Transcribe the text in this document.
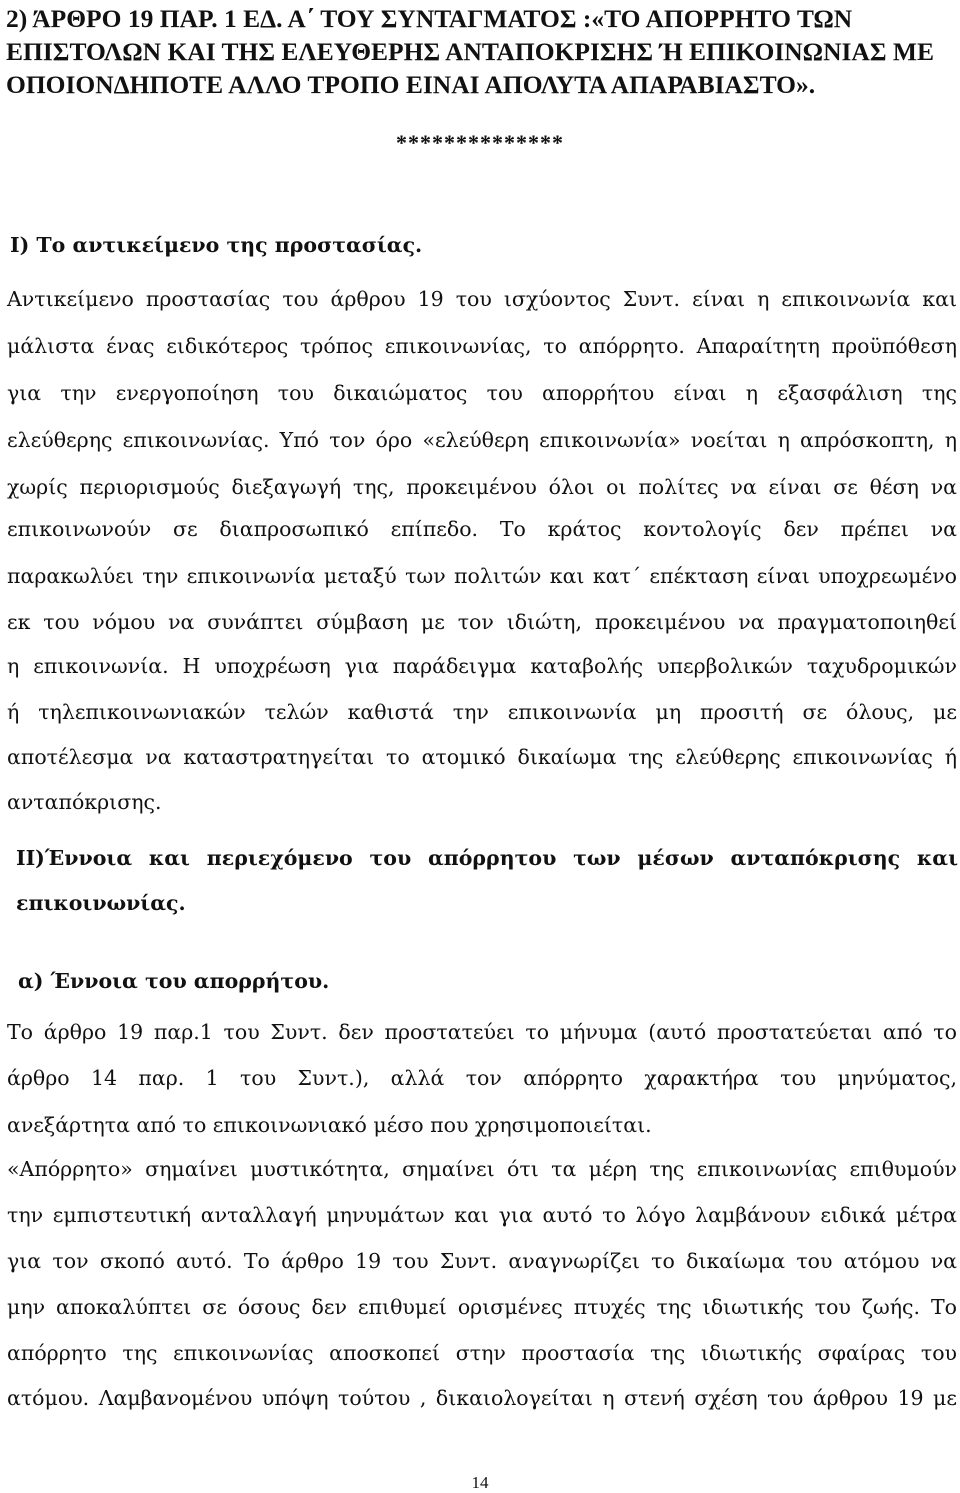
2) ΆΡΘΡΟ 19 ΠΑΡ. 1 ΕΔ. Α΄ ΤΟΥ ΣΥΝΤΑΓΜΑΤΟΣ :«ΤΟ ΑΠΟΡΡΗΤΟ ΤΩΝ ΕΠΙΣΤΟΛΩΝ ΚΑΙ ΤΗΣ ΕΛΕΥΘΕΡΗΣ ΑΝΤΑΠΟΚΡΙΣΗΣ Ή ΕΠΙΚΟΙΝΩΝΙΑΣ ΜΕ ΟΠΟΙΟΝΔΗΠΟΤΕ ΑΛΛΟ ΤΡΟΠΟ ΕΙΝΑΙ ΑΠΟΛΥΤΑ ΑΠΑΡΑΒΙΑΣΤΟ».
**************
I) Το αντικείμενο της προστασίας.
Αντικείμενο προστασίας του άρθρου 19 του ισχύοντος Συντ. είναι η επικοινωνία και
μάλιστα ένας ειδικότερος τρόπος επικοινωνίας, το απόρρητο. Απαραίτητη προϋπόθεση
για την ενεργοποίηση του δικαιώματος του απορρήτου είναι η εξασφάλιση της
ελεύθερης επικοινωνίας. Υπό τον όρο «ελεύθερη επικοινωνία» νοείται η απρόσκοπτη, η
χωρίς περιορισμούς διεξαγωγή της, προκειμένου όλοι οι πολίτες να είναι σε θέση να
επικοινωνούν σε διαπροσωπικό επίπεδο. Το κράτος κοντολογίς δεν πρέπει να
παρακωλύει την επικοινωνία μεταξύ των πολιτών και κατ΄ επέκταση είναι υποχρεωμένο
εκ του νόμου να συνάπτει σύμβαση με τον ιδιώτη, προκειμένου να πραγματοποιηθεί
η επικοινωνία. Η υποχρέωση για παράδειγμα καταβολής υπερβολικών ταχυδρομικών
ή τηλεπικοινωνιακών τελών καθιστά την επικοινωνία μη προσιτή σε όλους, με
αποτέλεσμα να καταστρατηγείται το ατομικό δικαίωμα της ελεύθερης επικοινωνίας ή
ανταπόκρισης.
II)Έννοια και περιεχόμενο του απόρρητου των μέσων ανταπόκρισης και
επικοινωνίας.
α) Έννοια του απορρήτου.
Το άρθρο 19 παρ.1 του Συντ. δεν προστατεύει το μήνυμα (αυτό προστατεύεται από το
άρθρο 14 παρ. 1 του Συντ.), αλλά τον απόρρητο χαρακτήρα του μηνύματος,
ανεξάρτητα από το επικοινωνιακό μέσο που χρησιμοποιείται.
«Απόρρητο» σημαίνει μυστικότητα, σημαίνει ότι τα μέρη της επικοινωνίας επιθυμούν
την εμπιστευτική ανταλλαγή μηνυμάτων και για αυτό το λόγο λαμβάνουν ειδικά μέτρα
για τον σκοπό αυτό. Το άρθρο 19 του Συντ. αναγνωρίζει το δικαίωμα του ατόμου να
μην αποκαλύπτει σε όσους δεν επιθυμεί ορισμένες πτυχές της ιδιωτικής του ζωής. Το
απόρρητο της επικοινωνίας αποσκοπεί στην προστασία της ιδιωτικής σφαίρας του
ατόμου. Λαμβανομένου υπόψη τούτου , δικαιολογείται η στενή σχέση του άρθρου 19 με
14
